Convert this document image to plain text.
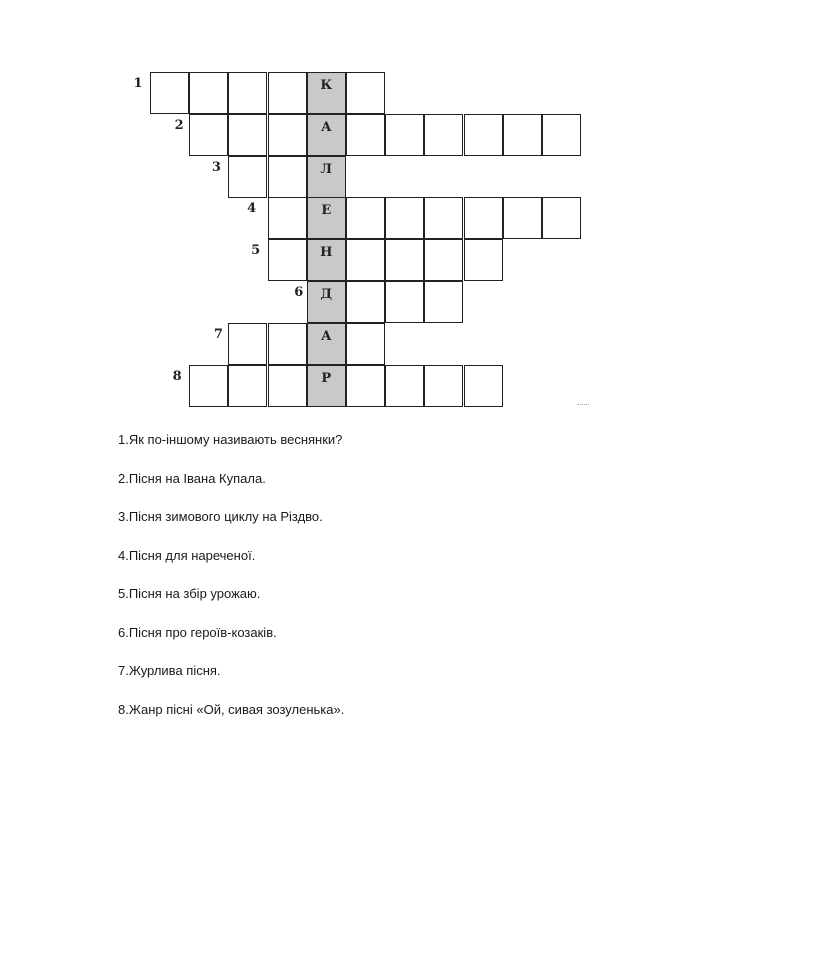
К
1
А
2
Л
3
Е
4
Н
5
Д
6
А
7
Р
8
1.Як по-іншому називають веснянки?
2.Пісня на Івана Купала.
3.Пісня зимового циклу на Різдво.
4.Пісня для нареченої.
5.Пісня на збір урожаю.
6.Пісня про героїв-козаків.
7.Журлива пісня.
8.Жанр пісні «Ой, сивая зозуленька».
